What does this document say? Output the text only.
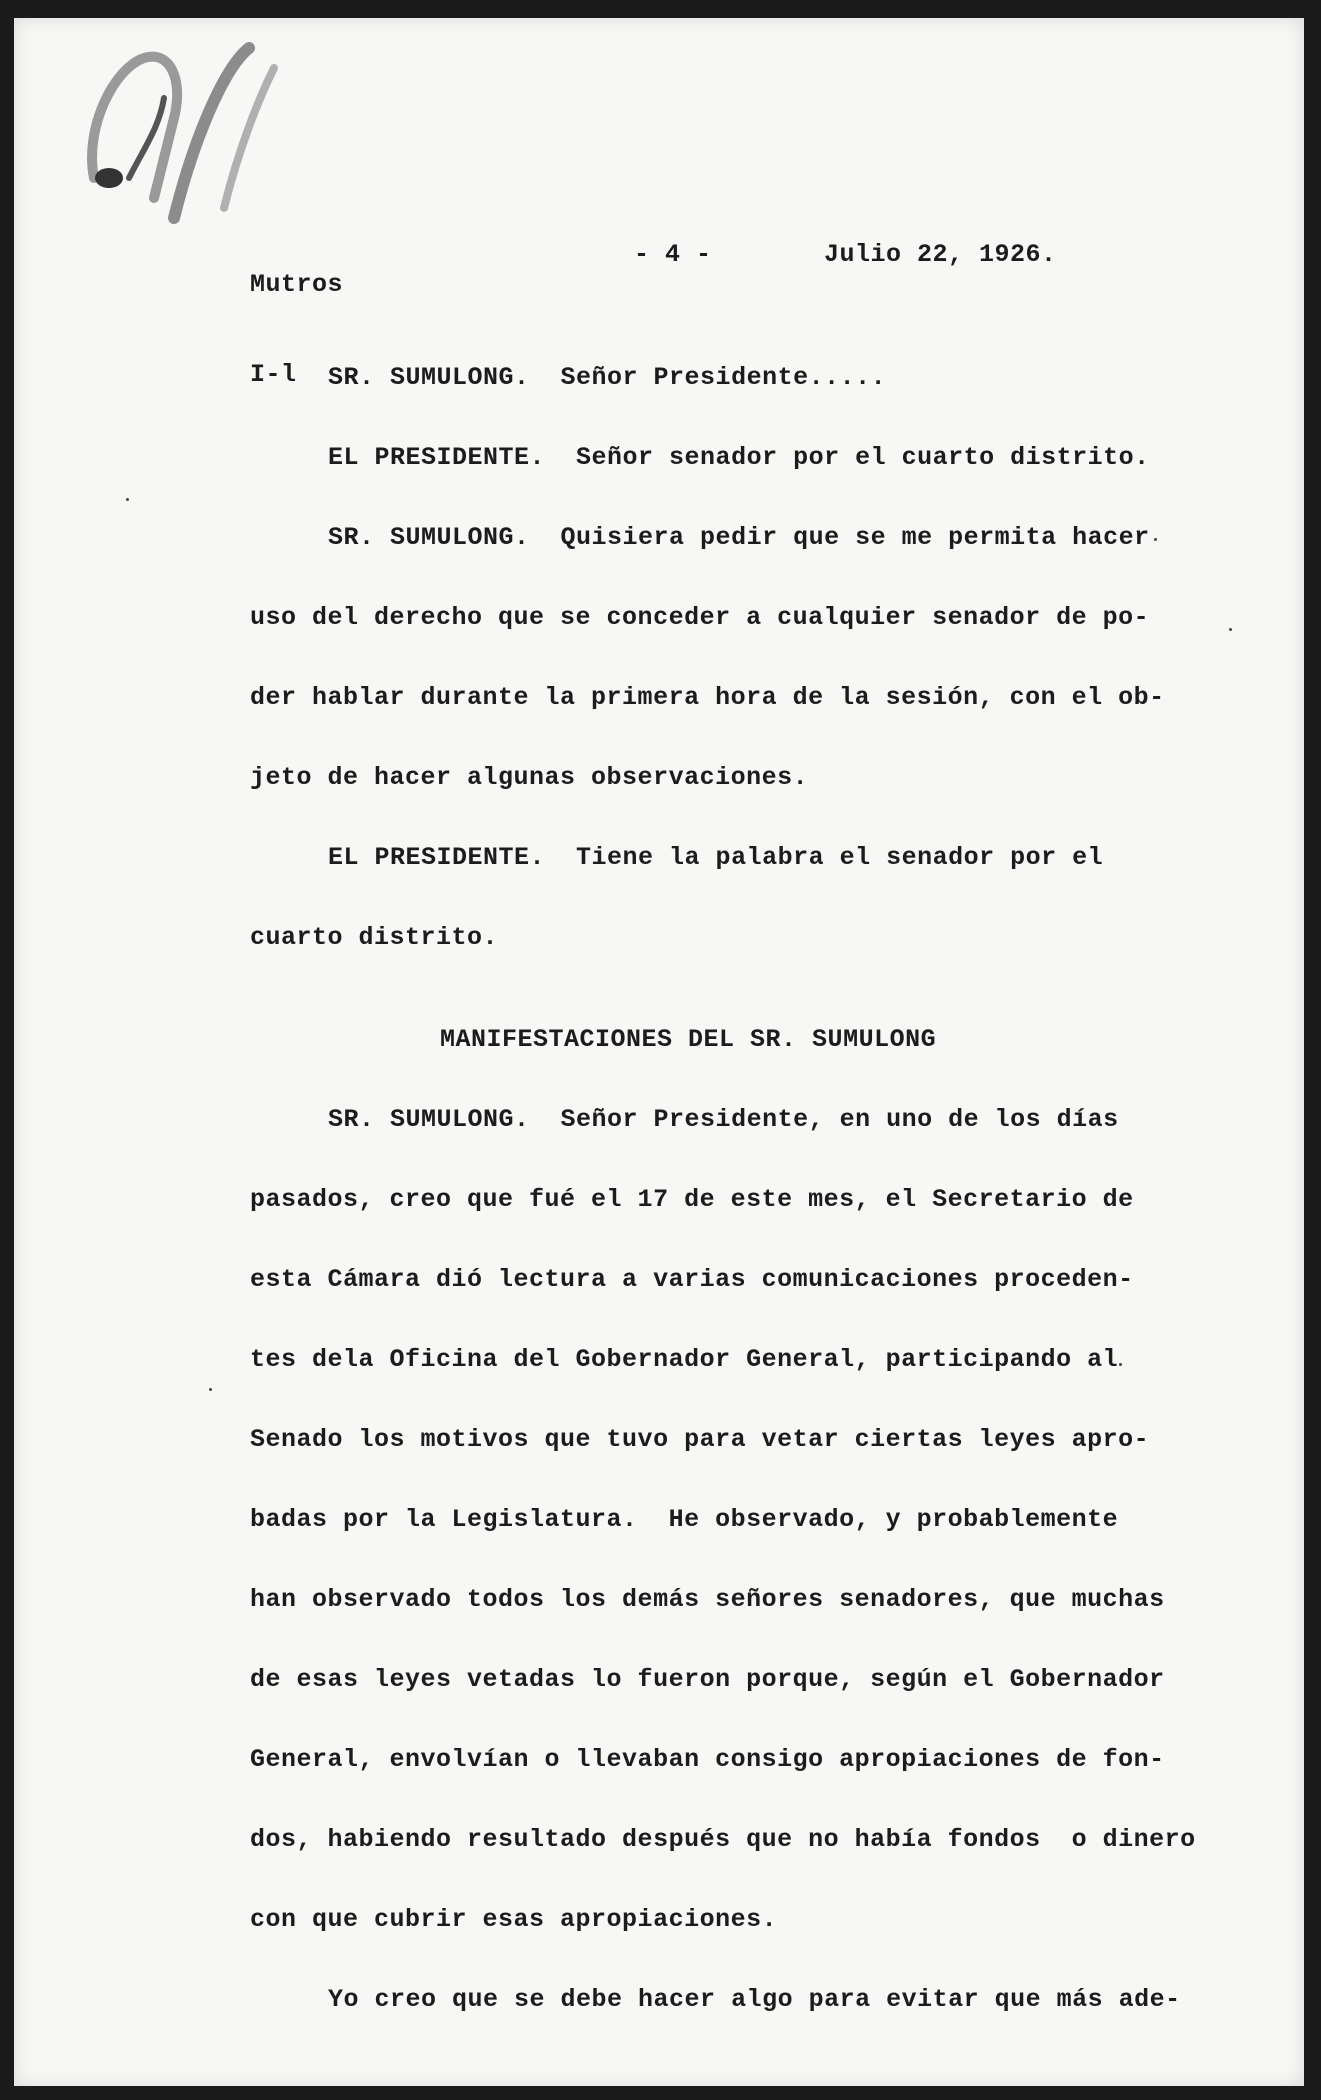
Mutros

I-l

- 4 -	Julio 22, 1926.
SR. SUMULONG.  Señor Presidente.....
EL PRESIDENTE.  Señor senador por el cuarto distrito.
SR. SUMULONG.  Quisiera pedir que se me permita hacer
uso del derecho que se conceder a cualquier senador de po-
der hablar durante la primera hora de la sesión, con el ob-
jeto de hacer algunas observaciones.
EL PRESIDENTE.  Tiene la palabra el senador por el
cuarto distrito.
MANIFESTACIONES DEL SR. SUMULONG
SR. SUMULONG.  Señor Presidente, en uno de los días
pasados, creo que fué el 17 de este mes, el Secretario de
esta Cámara dió lectura a varias comunicaciones proceden-
tes dela Oficina del Gobernador General, participando al
Senado los motivos que tuvo para vetar ciertas leyes apro-
badas por la Legislatura.  He observado, y probablemente
han observado todos los demás señores senadores, que muchas
de esas leyes vetadas lo fueron porque, según el Gobernador
General, envolvían o llevaban consigo apropiaciones de fon-
dos, habiendo resultado después que no había fondos  o dinero
con que cubrir esas apropiaciones.
Yo creo que se debe hacer algo para evitar que más ade-
